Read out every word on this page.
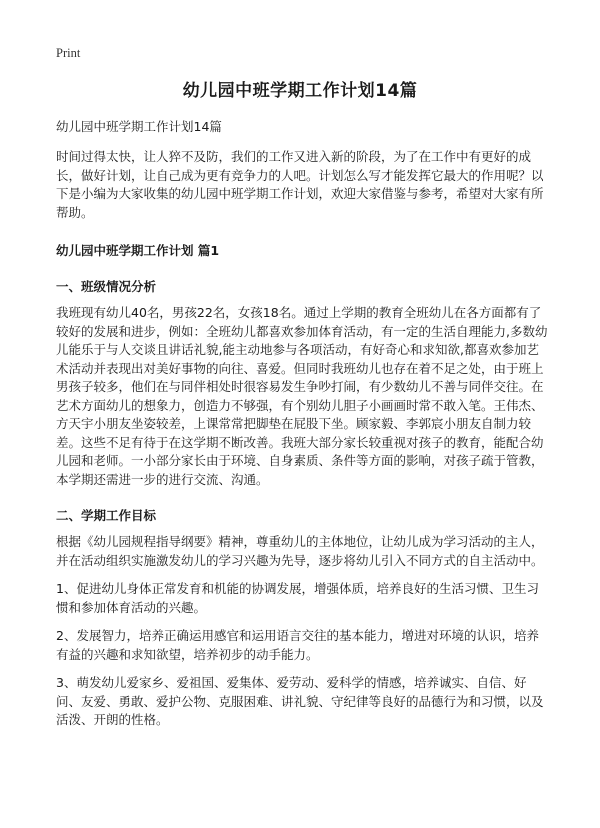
Print
幼儿园中班学期工作计划14篇

幼儿园中班学期工作计划14篇

时间过得太快，让人猝不及防，我们的工作又进入新的阶段，为了在工作中有更好的成长，做好计划，让自己成为更有竞争力的人吧。计划怎么写才能发挥它最大的作用呢？以下是小编为大家收集的幼儿园中班学期工作计划，欢迎大家借鉴与参考，希望对大家有所帮助。

幼儿园中班学期工作计划 篇1

一、班级情况分析

我班现有幼儿40名，男孩22名，女孩18名。通过上学期的教育全班幼儿在各方面都有了较好的发展和进步，例如：全班幼儿都喜欢参加体育活动，有一定的生活自理能力,多数幼儿能乐于与人交谈且讲话礼貌,能主动地参与各项活动，有好奇心和求知欲,都喜欢参加艺术活动并表现出对美好事物的向往、喜爱。但同时我班幼儿也存在着不足之处，由于班上男孩子较多，他们在与同伴相处时很容易发生争吵打闹，有少数幼儿不善与同伴交往。在艺术方面幼儿的想象力，创造力不够强，有个别幼儿胆子小画画时常不敢入笔。王伟杰、方天宇小朋友坐姿较差，上课常常把脚垫在屁股下坐。顾家毅、李郭宸小朋友自制力较差。这些不足有待于在这学期不断改善。我班大部分家长较重视对孩子的教育，能配合幼儿园和老师。一小部分家长由于环境、自身素质、条件等方面的影响，对孩子疏于管教，本学期还需进一步的进行交流、沟通。

二、学期工作目标

根据《幼儿园规程指导纲要》精神，尊重幼儿的主体地位，让幼儿成为学习活动的主人，并在活动组织实施激发幼儿的学习兴趣为先导，逐步将幼儿引入不同方式的自主活动中。

1、促进幼儿身体正常发育和机能的协调发展，增强体质，培养良好的生活习惯、卫生习惯和参加体育活动的兴趣。

2、发展智力，培养正确运用感官和运用语言交往的基本能力，增进对环境的认识，培养有益的兴趣和求知欲望，培养初步的动手能力。

3、萌发幼儿爱家乡、爱祖国、爱集体、爱劳动、爱科学的情感，培养诚实、自信、好问、友爱、勇敢、爱护公物、克服困难、讲礼貌、守纪律等良好的品德行为和习惯，以及活泼、开朗的性格。
